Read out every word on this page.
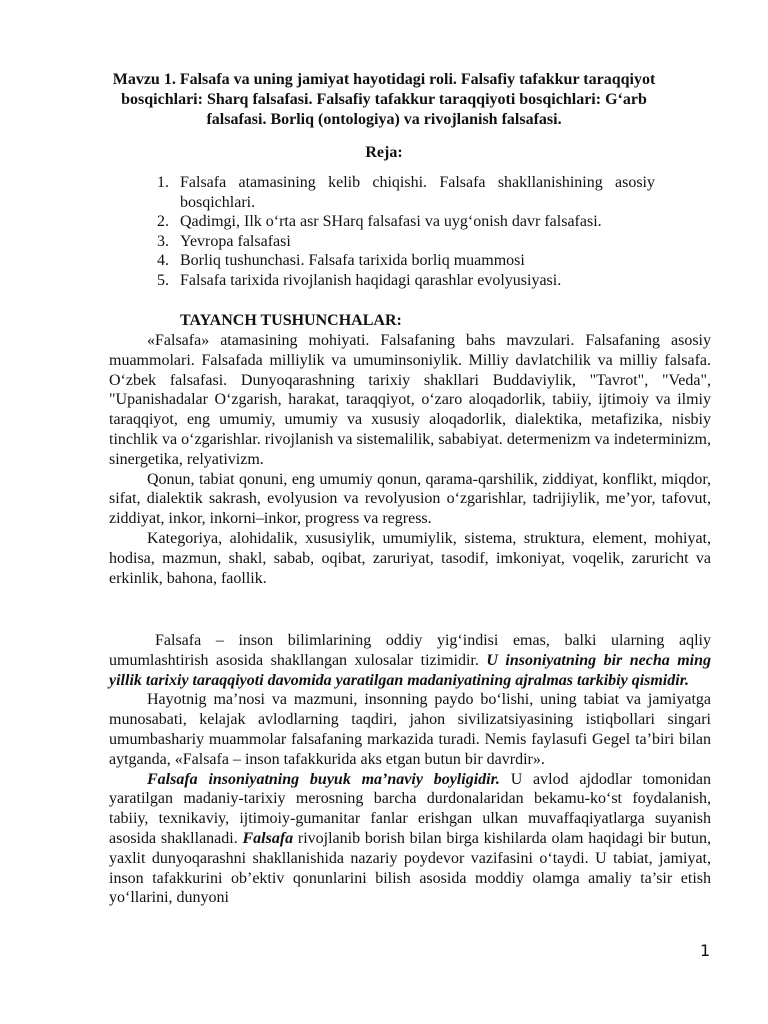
Mavzu 1. Falsafa va uning jamiyat hayotidagi roli. Falsafiy tafakkur taraqqiyot bosqichlari: Sharq falsafasi. Falsafiy tafakkur taraqqiyoti bosqichlari: G‘arb falsafasi. Borliq (ontologiya) va rivojlanish falsafasi.
Reja:
1. Falsafa atamasining kelib chiqishi. Falsafa shakllanishining asosiy bosqichlari.
2. Qadimgi, Ilk o‘rta asr SHarq falsafasi va uyg‘onish davr falsafasi.
3. Yevropa falsafasi
4. Borliq tushunchasi. Falsafa tarixida borliq muammosi
5. Falsafa tarixida rivojlanish haqidagi qarashlar evolyusiyasi.
TAYANCH TUSHUNCHALAR:

«Falsafa» atamasining mohiyati. Falsafaning bahs mavzulari. Falsafaning asosiy muammolari. Falsafada milliylik va umuminsoniylik. Milliy davlatchilik va milliy falsafa. O‘zbek falsafasi. Dunyoqarashning tarixiy shakllari Buddaviylik, "Tavrot", "Veda", "Upanishadalar O‘zgarish, harakat, taraqqiyot, o‘zaro aloqadorlik, tabiiy, ijtimoiy va ilmiy taraqqiyot, eng umumiy, umumiy va xususiy aloqadorlik, dialektika, metafizika, nisbiy tinchlik va o‘zgarishlar. rivojlanish va sistemalilik, sababiyat. determenizm va indeterminizm, sinergetika, relyativizm.

Qonun, tabiat qonuni, eng umumiy qonun, qarama-qarshilik, ziddiyat, konflikt, miqdor, sifat, dialektik sakrash, evolyusion va revolyusion o‘zgarishlar, tadrijiylik, me’yor, tafovut, ziddiyat, inkor, inkorni–inkor, progress va regress.

Kategoriya, alohidalik, xususiylik, umumiylik, sistema, struktura, element, mohiyat, hodisa, mazmun, shakl, sabab, oqibat, zaruriyat, tasodif, imkoniyat, voqelik, zaruricht va erkinlik, bahona, faollik.

Falsafa – inson bilimlarining oddiy yig‘indisi emas, balki ularning aqliy umumlashtirish asosida shakllangan xulosalar tizimidir. U insoniyatning bir necha ming yillik tarixiy taraqqiyoti davomida yaratilgan madaniyatining ajralmas tarkibiy qismidir.

Hayotnig ma’nosi va mazmuni, insonning paydo bo‘lishi, uning tabiat va jamiyatga munosabati, kelajak avlodlarning taqdiri, jahon sivilizatsiyasining istiqbollari singari umumbashariy muammolar falsafaning markazida turadi. Nemis faylasufi Gegel ta’biri bilan aytganda, «Falsafa – inson tafakkurida aks etgan butun bir davrdir».

Falsafa insoniyatning buyuk ma’naviy boyligidir. U avlod ajdodlar tomonidan yaratilgan madaniy-tarixiy merosning barcha durdonalaridan bekamu-ko‘st foydalanish, tabiiy, texnikaviy, ijtimoiy-gumanitar fanlar erishgan ulkan muvaffaqiyatlarga suyanish asosida shakllanadi. Falsafa rivojlanib borish bilan birga kishilarda olam haqidagi bir butun, yaxlit dunyoqarashni shakllanishida nazariy poydevor vazifasini o‘taydi. U tabiat, jamiyat, inson tafakkurini ob’ektiv qonunlarini bilish asosida moddiy olamga amaliy ta’sir etish yo‘llarini, dunyoni

1
